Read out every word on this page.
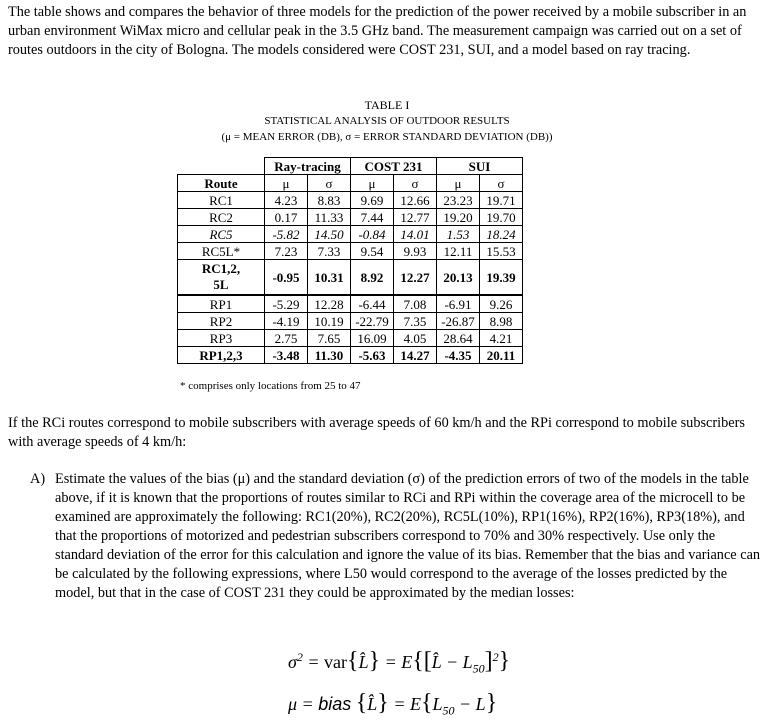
The table shows and compares the behavior of three models for the prediction of the power received by a mobile subscriber in an urban environment WiMax micro and cellular peak in the 3.5 GHz band. The measurement campaign was carried out on a set of routes outdoors in the city of Bologna. The models considered were COST 231, SUI, and a model based on ray tracing.

TABLE I
STATISTICAL ANALYSIS OF OUTDOOR RESULTS
(μ = MEAN ERROR (DB), σ = ERROR STANDARD DEVIATION (DB))
	Ray-tracing		COST 231		SUI	
Route	μ	σ	μ	σ	μ	σ
RC1	4.23	8.83	9.69	12.66	23.23	19.71
RC2	0.17	11.33	7.44	12.77	19.20	19.70
RC5	-5.82	14.50	-0.84	14.01	1.53	18.24
RC5L*	7.23	7.33	9.54	9.93	12.11	15.53
RC1,2,
5L	-0.95	10.31	8.92	12.27	20.13	19.39
RP1	-5.29	12.28	-6.44	7.08	-6.91	9.26
RP2	-4.19	10.19	-22.79	7.35	-26.87	8.98
RP3	2.75	7.65	16.09	4.05	28.64	4.21
RP1,2,3	-3.48	11.30	-5.63	14.27	-4.35	20.11
* comprises only locations from 25 to 47

If the RCi routes correspond to mobile subscribers with average speeds of 60 km/h and the RPi correspond to mobile subscribers with average speeds of 4 km/h:

A) Estimate the values of the bias (μ) and the standard deviation (σ) of the prediction errors of two of the models in the table above, if it is known that the proportions of routes similar to RCi and RPi within the coverage area of the microcell to be examined are approximately the following: RC1(20%), RC2(20%), RC5L(10%), RP1(16%), RP2(16%), RP3(18%), and that the proportions of motorized and pedestrian subscribers correspond to 70% and 30% respectively. Use only the standard deviation of the error for this calculation and ignore the value of its bias. Remember that the bias and variance can be calculated by the following expressions, where L50 would correspond to the average of the losses predicted by the model, but that in the case of COST 231 they could be approximated by the median losses:

$\sigma^2$ = var{L̂} = E{[L̂ − $L_{50}]^2$}
μ = bias {L̂} = $E\{L_{50} - L\}$
